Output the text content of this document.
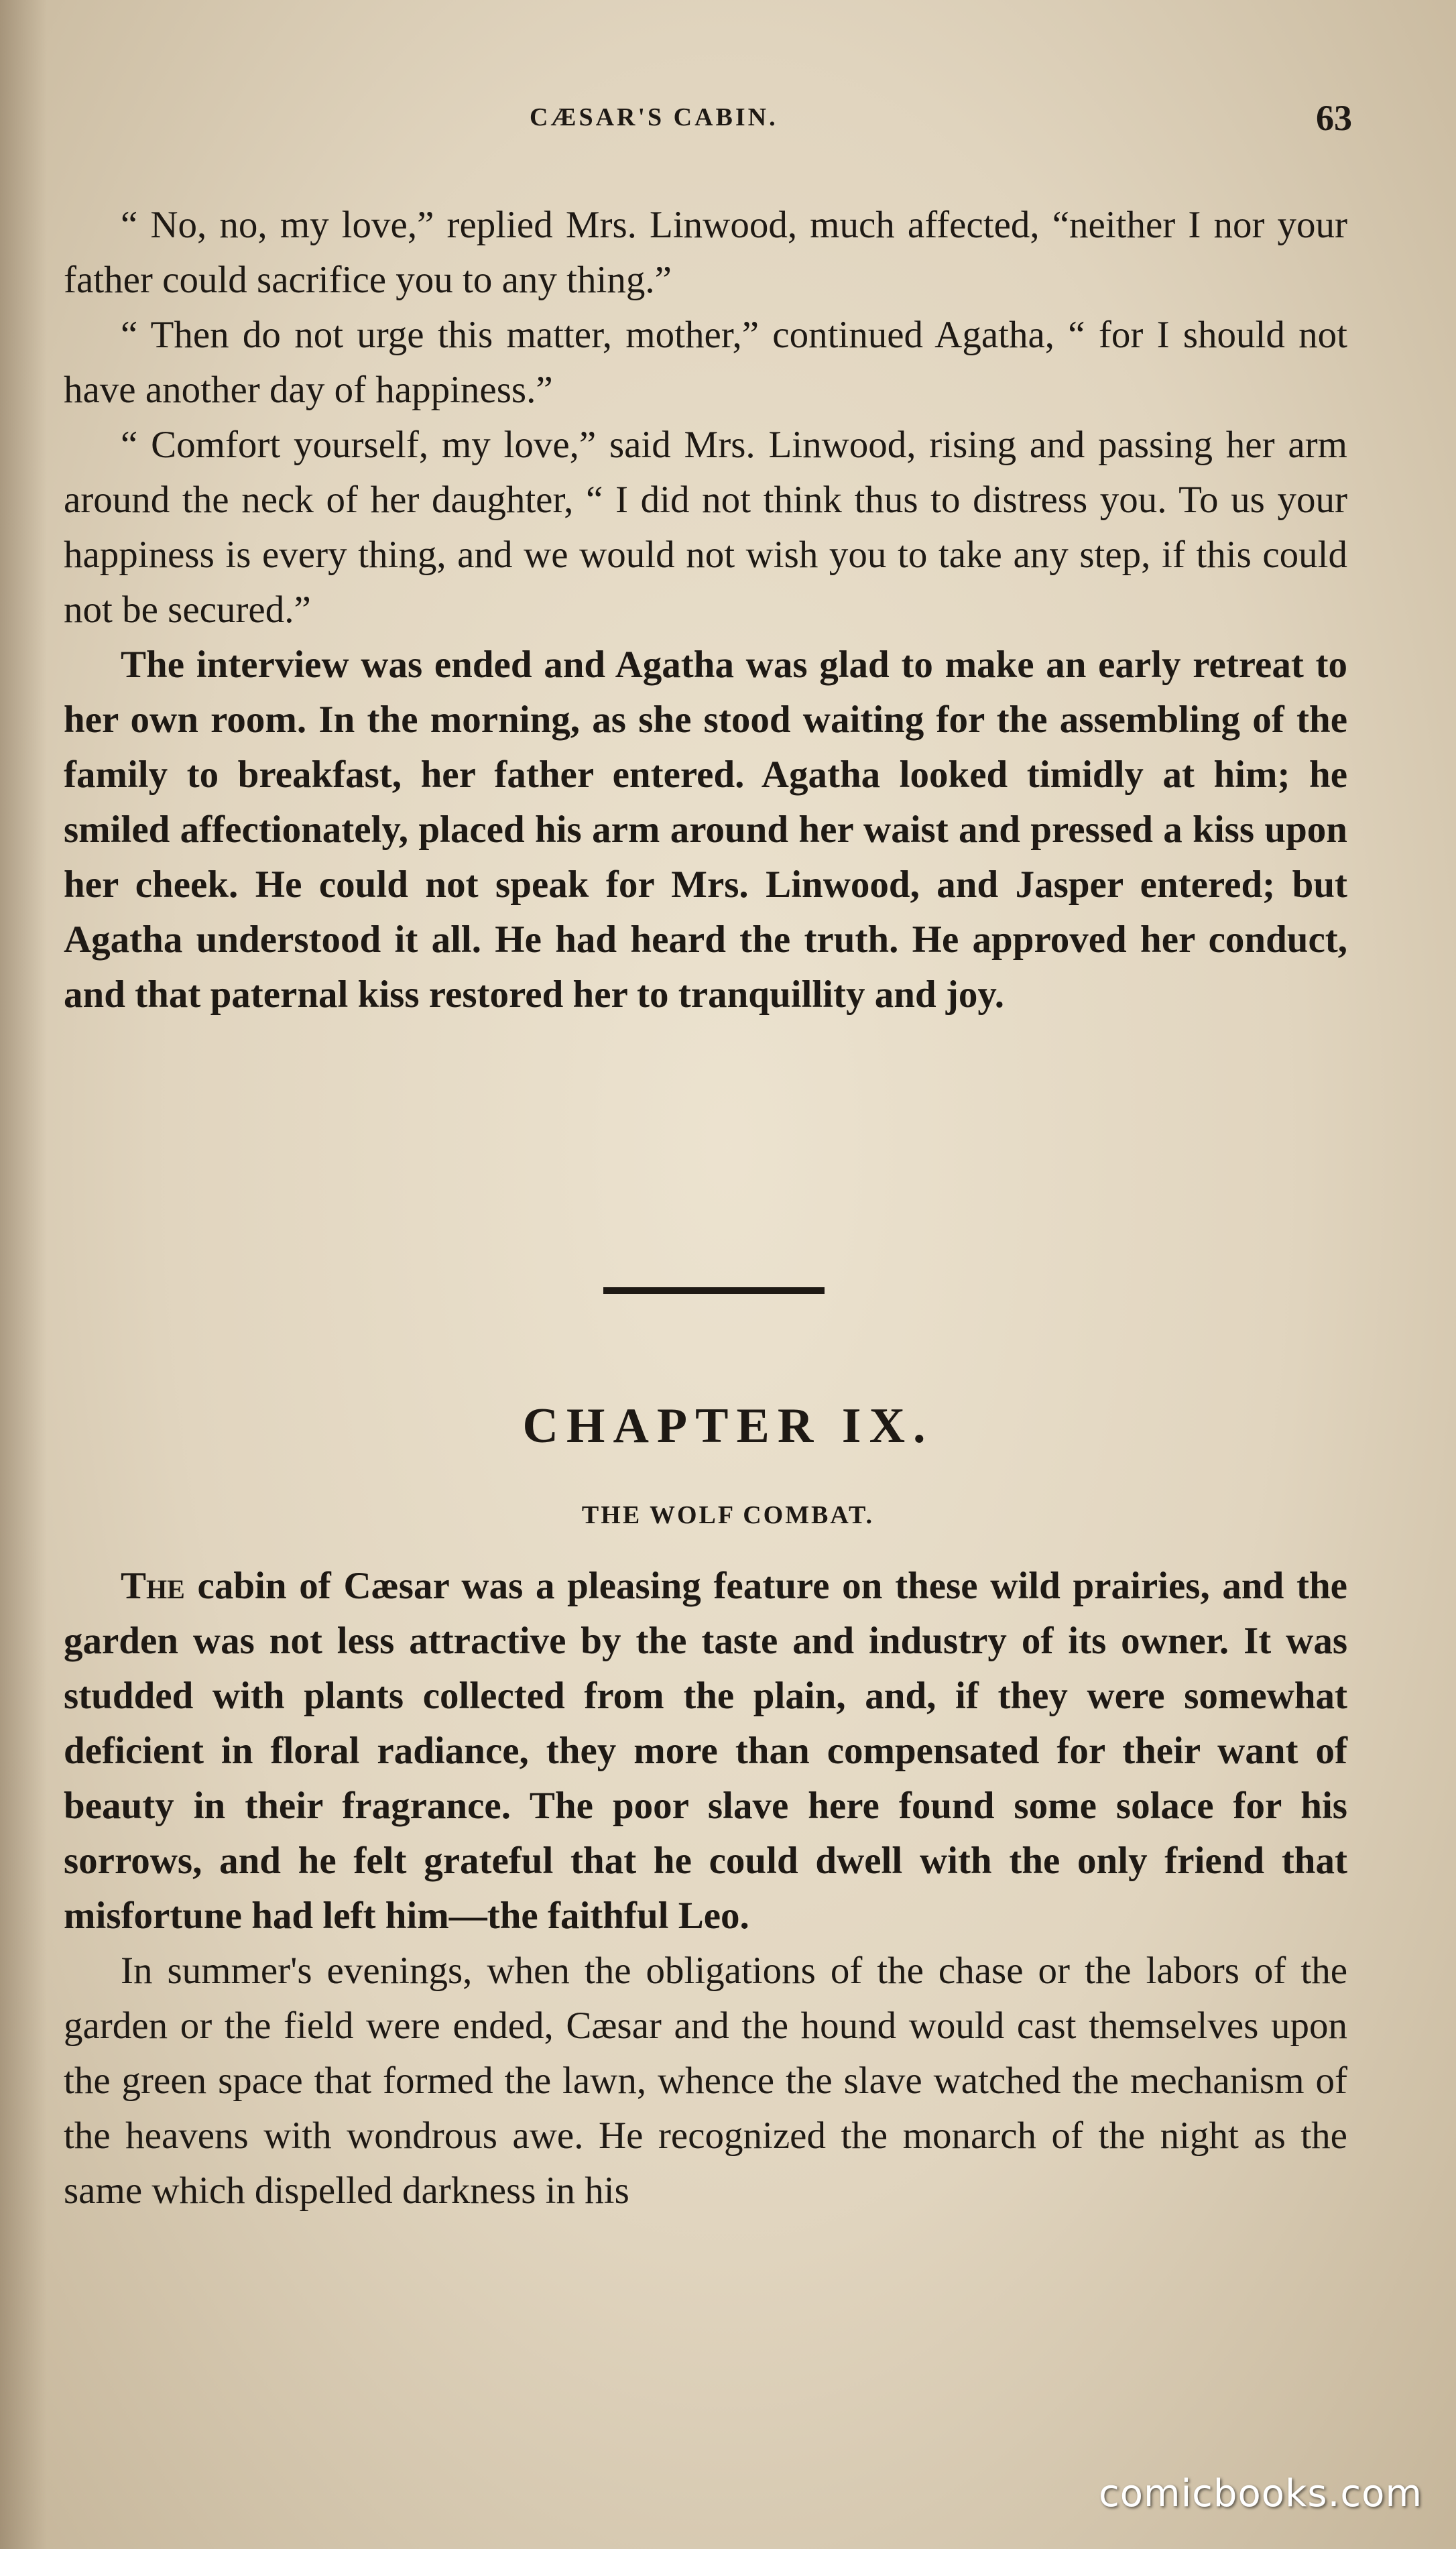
CÆSAR'S CABIN.	63

“ No, no, my love,” replied Mrs. Linwood, much affected, “neither I nor your father could sacrifice you to any thing.”

“ Then do not urge this matter, mother,” continued Agatha, “ for I should not have another day of happiness.”

“ Comfort yourself, my love,” said Mrs. Linwood, rising and passing her arm around the neck of her daughter, “ I did not think thus to distress you. To us your happiness is every thing, and we would not wish you to take any step, if this could not be secured.”

The interview was ended and Agatha was glad to make an early retreat to her own room. In the morning, as she stood waiting for the assembling of the family to breakfast, her father entered. Agatha looked timidly at him; he smiled affectionately, placed his arm around her waist and pressed a kiss upon her cheek. He could not speak for Mrs. Linwood, and Jasper entered; but Agatha understood it all. He had heard the truth. He approved her conduct, and that paternal kiss restored her to tranquillity and joy.

CHAPTER IX.
THE WOLF COMBAT.

The cabin of Cæsar was a pleasing feature on these wild prairies, and the garden was not less attractive by the taste and industry of its owner. It was studded with plants collected from the plain, and, if they were somewhat deficient in floral radiance, they more than compensated for their want of beauty in their fragrance. The poor slave here found some solace for his sorrows, and he felt grateful that he could dwell with the only friend that misfortune had left him—the faithful Leo.

In summer's evenings, when the obligations of the chase or the labors of the garden or the field were ended, Cæsar and the hound would cast themselves upon the green space that formed the lawn, whence the slave watched the mechanism of the heavens with wondrous awe. He recognized the monarch of the night as the same which dispelled darkness in his

comicbooks.com
